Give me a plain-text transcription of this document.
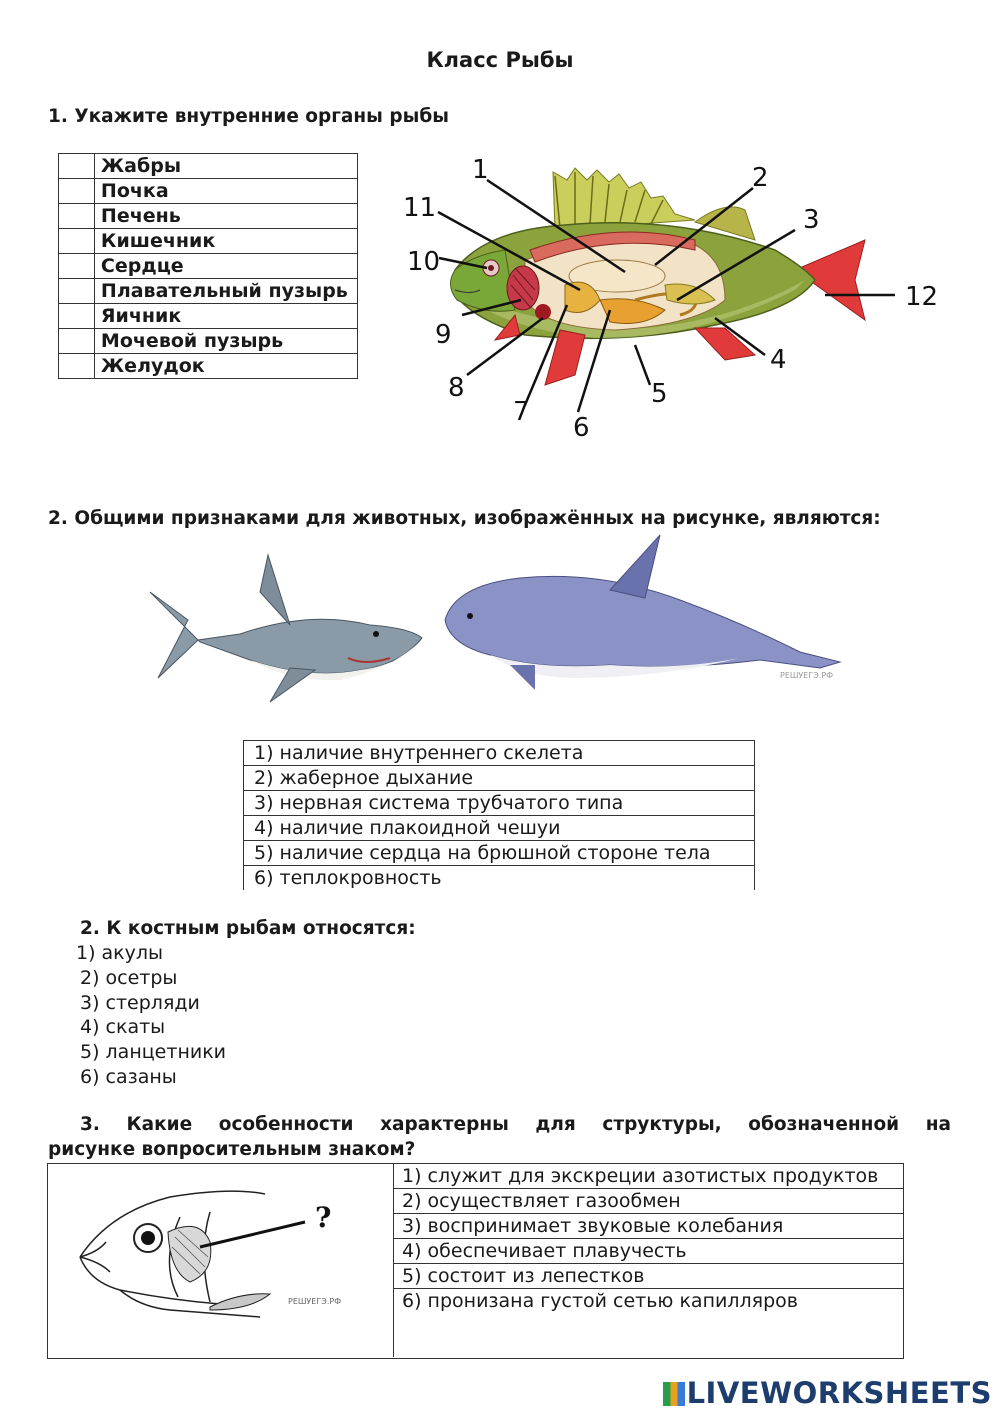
Класс Рыбы
1. Укажите внутренние органы рыбы
	Жабры
	Почка
	Печень
	Кишечник
	Сердце
	Плавательный пузырь
	Яичник
	Мочевой пузырь
	Желудок
1	2
3
4
5
6
7
8
9
10
11
12
2. Общими признаками для животных, изображённых на рисунке, являются:
РЕШУЕГЭ.РФ
1) наличие внутреннего скелета
2) жаберное дыхание
3) нервная система трубчатого типа
4) наличие плакоидной чешуи
5) наличие сердца на брюшной стороне тела
6) теплокровность
2. К костным рыбам относятся:
1) акулы
2) осетры
3) стерляди
4) скаты
5) ланцетники
6) сазаны
3. Какие особенности характерны для структуры, обозначенной на
рисунке вопросительным знаком?
?
РЕШУЕГЭ.РФ
1) служит для экскреции азотистых продуктов
2) осуществляет газообмен
3) воспринимает звуковые колебания
4) обеспечивает плавучесть
5) состоит из лепестков
6) пронизана густой сетью капилляров
LIVEWORKSHEETS
